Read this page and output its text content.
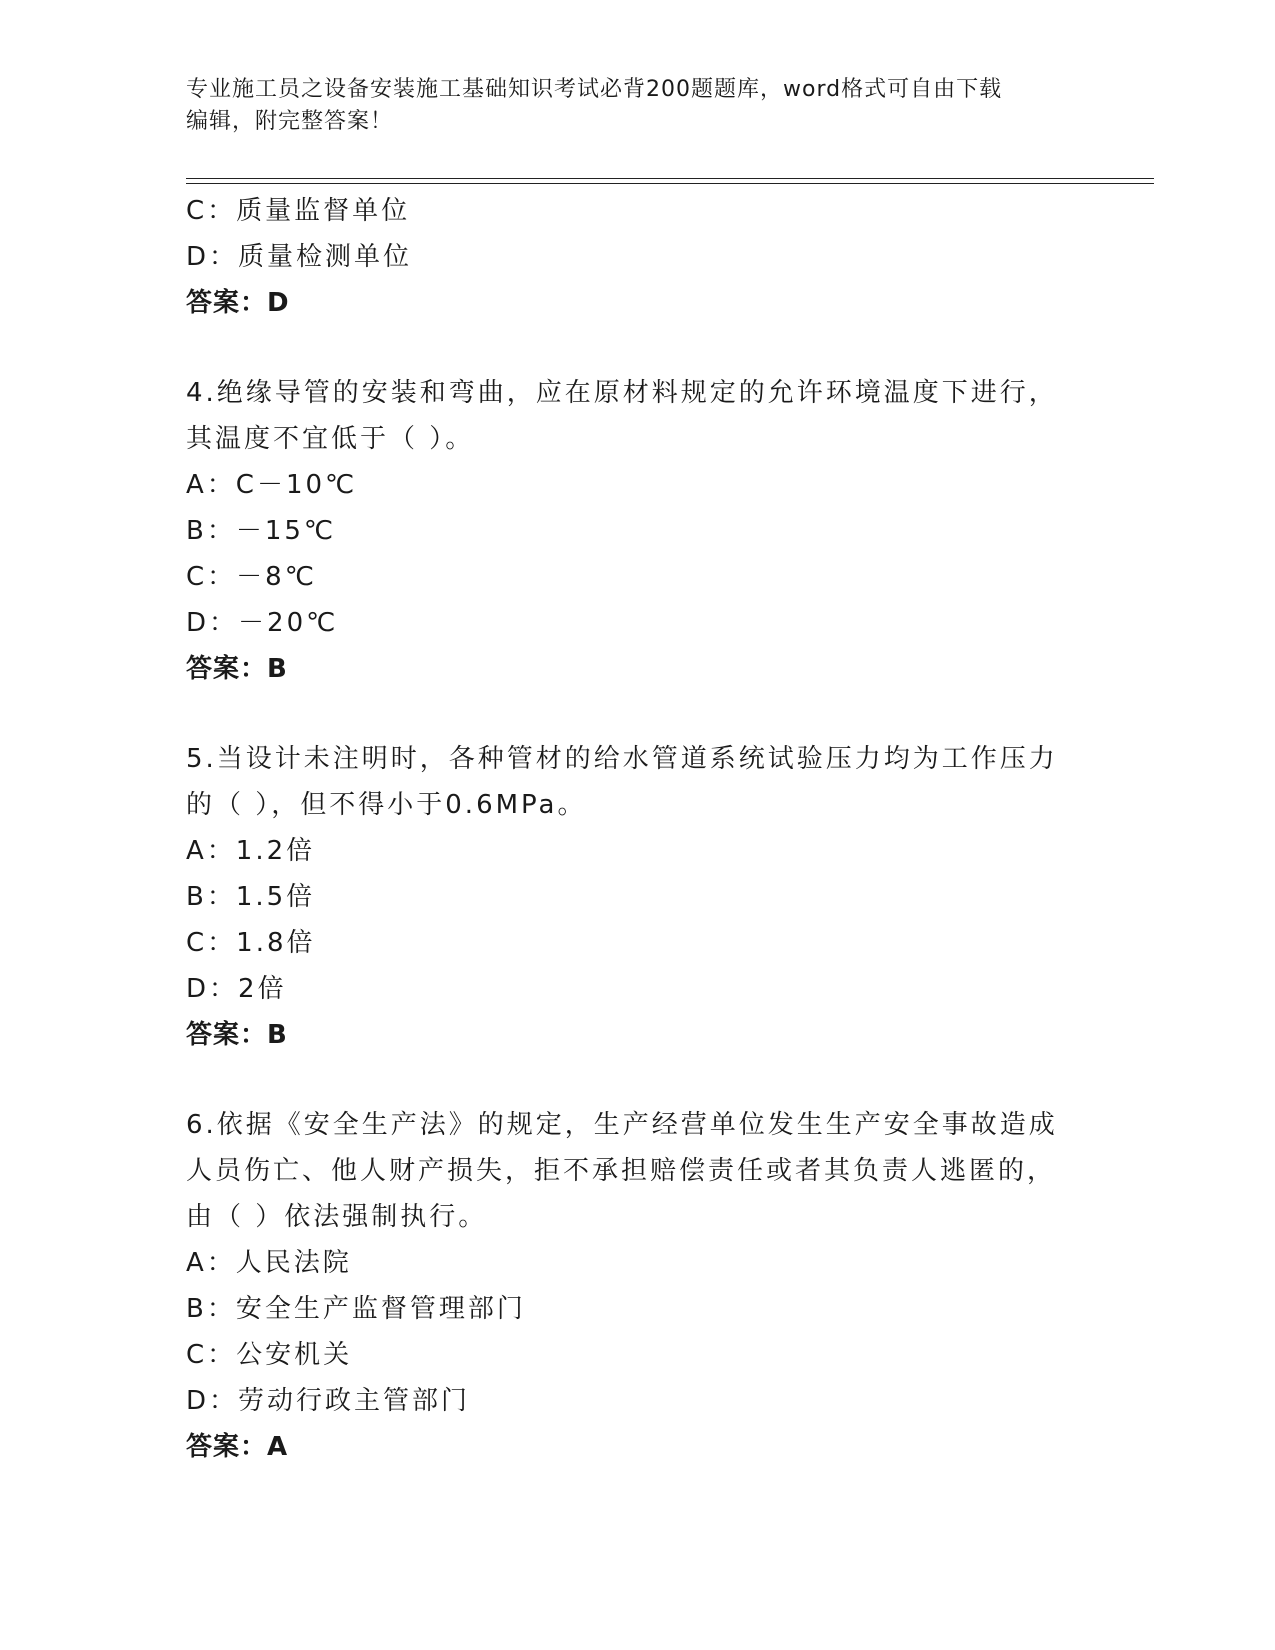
专业施工员之设备安装施工基础知识考试必背200题题库，word格式可自由下载
编辑，附完整答案！
C：质量监督单位
D：质量检测单位
答案：D
4.绝缘导管的安装和弯曲，应在原材料规定的允许环境温度下进行，
其温度不宜低于（ ）。
A：C－10℃
B：－15℃
C：－8℃
D：－20℃
答案：B
5.当设计未注明时，各种管材的给水管道系统试验压力均为工作压力
的（ ），但不得小于0.6MPa。
A：1.2倍
B：1.5倍
C：1.8倍
D：2倍
答案：B
6.依据《安全生产法》的规定，生产经营单位发生生产安全事故造成
人员伤亡、他人财产损失，拒不承担赔偿责任或者其负责人逃匿的，
由（ ）依法强制执行。
A：人民法院
B：安全生产监督管理部门
C：公安机关
D：劳动行政主管部门
答案：A
